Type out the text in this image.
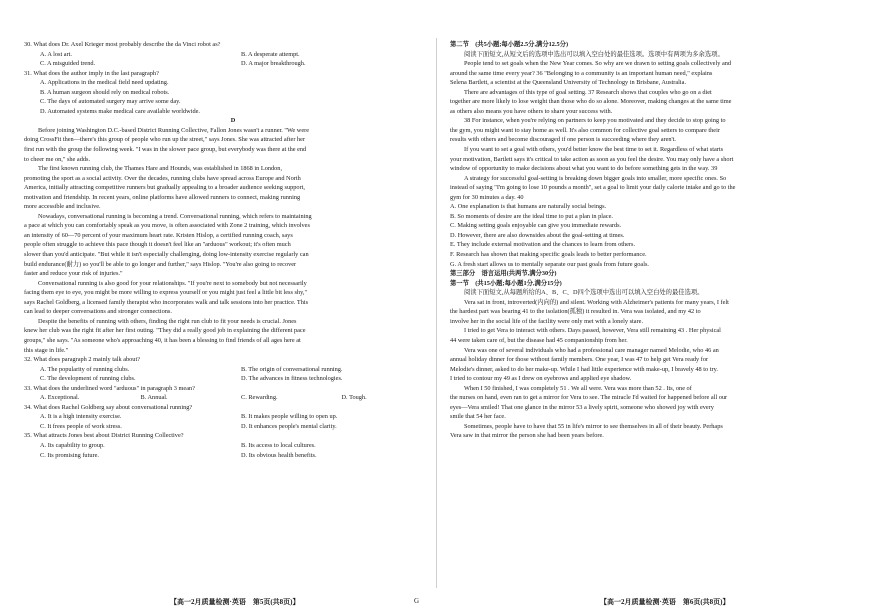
30. What does Dr. Axel Krieger most probably describe the da Vinci robot as?
A. A lost art.	B. A desperate attempt.
C. A misguided trend.	D. A major breakthrough.
31. What does the author imply in the last paragraph?
A. Applications in the medical field need updating.
B. A human surgeon should rely on medical robots.
C. The days of automated surgery may arrive some day.
D. Automated systems make medical care available worldwide.
D
Before joining Washington D.C.-based District Running Collective, Fallon Jones wasn't a runner. "We were
doing CrossFit then—there's this group of people who run up the street," says Jones. She was attracted after her
first run with the group the following week. "I was in the slower pace group, but everybody was there at the end
to cheer me on," she adds.
The first known running club, the Thames Hare and Hounds, was established in 1868 in London,
promoting the sport as a social activity. Over the decades, running clubs have spread across Europe and North
America, initially attracting competitive runners but gradually appealing to a broader audience seeking support,
motivation and friendship. In recent years, online platforms have allowed runners to connect, making running
more accessible and inclusive.
Nowadays, conversational running is becoming a trend. Conversational running, which refers to maintaining
a pace at which you can comfortably speak as you move, is often associated with Zone 2 training, which involves
an intensity of 60—70 percent of your maximum heart rate. Kristen Hislop, a certified running coach, says
people often struggle to achieve this pace though it doesn't feel like an "arduous" workout; it's often much
slower than you'd anticipate. "But while it isn't especially challenging, doing low-intensity exercise regularly can
build endurance(耐力) so you'll be able to go longer and further," says Hislop. "You're also going to recover
faster and reduce your risk of injuries."
Conversational running is also good for your relationships. "If you're next to somebody but not necessarily
facing them eye to eye, you might be more willing to express yourself or you might just feel a little bit less shy,"
says Rachel Goldberg, a licensed family therapist who incorporates walk and talk sessions into her practice. This
can lead to deeper conversations and stronger connections.
Despite the benefits of running with others, finding the right run club to fit your needs is crucial. Jones
knew her club was the right fit after her first outing. "They did a really good job in explaining the different pace
groups," she says. "As someone who's approaching 40, it has been a blessing to find friends of all ages here at
this stage in life."
32. What does paragraph 2 mainly talk about?
A. The popularity of running clubs.	B. The origin of conversational running.
C. The development of running clubs.	D. The advances in fitness technologies.
33. What does the underlined word "arduous" in paragraph 3 mean?
A. Exceptional.	B. Annual.	C. Rewarding.	D. Tough.
34. What does Rachel Goldberg say about conversational running?
A. It is a high intensity exercise.	B. It makes people willing to open up.
C. It frees people of work stress.	D. It enhances people's mental clarity.
35. What attracts Jones best about District Running Collective?
A. Its capability to group.	B. Its access to local cultures.
C. Its promising future.	D. Its obvious health benefits.
第二节　(共5小题;每小题2.5分,满分12.5分)
阅读下面短文,从短文后的选项中选出可以填入空白处的最佳选项。选项中有两项为多余选项。
People tend to set goals when the New Year comes. So why are we drawn to setting goals collectively and
around the same time every year? 36 "Belonging to a community is an important human need," explains
Selena Bartlett, a scientist at the Queensland University of Technology in Brisbane, Australia.
There are advantages of this type of goal setting. 37 Research shows that couples who go on a diet
together are more likely to lose weight than those who do so alone. Moreover, making changes at the same time
as others also means you have others to share your success with.
38 For instance, when you're relying on partners to keep you motivated and they decide to stop going to
the gym, you might want to stay home as well. It's also common for collective goal setters to compare their
results with others and become discouraged if one person is succeeding where they aren't.
If you want to set a goal with others, you'd better know the best time to set it. Regardless of what starts
your motivation, Bartlett says it's critical to take action as soon as you feel the desire. You may only have a short
window of opportunity to make decisions about what you want to do before something gets in the way. 39
A strategy for successful goal-setting is breaking down bigger goals into smaller, more specific ones. So
instead of saying "I'm going to lose 10 pounds a month", set a goal to limit your daily calorie intake and go to the
gym for 30 minutes a day. 40
A. One explanation is that humans are naturally social beings.
B. So moments of desire are the ideal time to put a plan in place.
C. Making setting goals enjoyable can give you immediate rewards.
D. However, there are also downsides about the goal-setting at times.
E. They include external motivation and the chances to learn from others.
F. Research has shown that making specific goals leads to better performance.
G. A fresh start allows us to mentally separate our past goals from future goals.
第三部分　语言运用(共两节,满分30分)
第一节　(共15小题;每小题1分,满分15分)
阅读下面短文,从每题所给的A、B、C、D四个选项中选出可以填入空白处的最佳选项。
Vera sat in front, introverted(内向的) and silent. Working with Alzheimer's patients for many years, I felt
the hardest part was bearing 41 to the isolation(孤独) it resulted in. Vera was isolated, and my 42 to
involve her in the social life of the facility were only met with a lonely stare.
I tried to get Vera to interact with others. Days passed, however, Vera still remaining 43 . Her physical
44 were taken care of, but the disease had 45 companionship from her.
Vera was one of several individuals who had a professional care manager named Melodie, who 46 an
annual holiday dinner for those without family members. One year, I was 47 to help get Vera ready for
Melodie's dinner, asked to do her make-up. While I had little experience with make-up, I bravely 48 to try.
I tried to contour my 49 as I drew on eyebrows and applied eye shadow.
When I 50 finished, I was completely 51 . We all were. Vera was more than 52 . Its, one of
the nurses on hand, even ran to get a mirror for Vera to see. The miracle I'd waited for happened before all our
eyes—Vera smiled! That one glance in the mirror 53 a lively spirit, someone who showed joy with every
smile that 54 her face.
Sometimes, people have to have that 55 in life's mirror to see themselves in all of their beauty. Perhaps
Vera saw in that mirror the person she had been years before.
【高一2月质量检测·英语　第5页(共8页)】	G	【高一2月质量检测·英语　第6页(共8页)】
